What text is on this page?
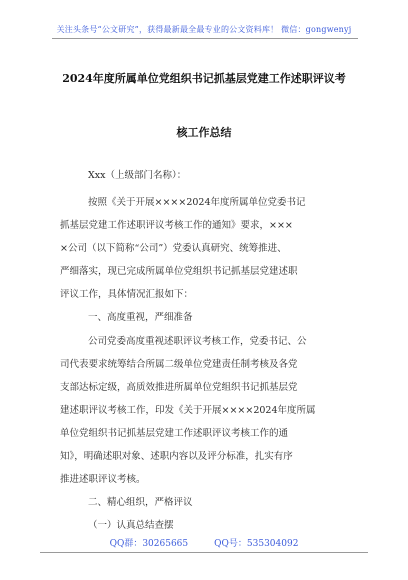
关注头条号“公文研究”，获得最新最全最专业的公文资料库！ 微信：gongwenyj
2024年度所属单位党组织书记抓基层党建工作述职评议考
核工作总结
Xxx（上级部门名称）：
按照《关于开展××××2024年度所属单位党委书记
抓基层党建工作述职评议考核工作的通知》要求，×××
×公司（以下简称“公司”）党委认真研究、统筹推进、
严细落实，现已完成所属单位党组织书记抓基层党建述职
评议工作，具体情况汇报如下：
一、高度重视，严细准备
公司党委高度重视述职评议考核工作，党委书记、公
司代表要求统筹结合所属二级单位党建责任制考核及各党
支部达标定级，高质效推进所属单位党组织书记抓基层党
建述职评议考核工作，印发《关于开展××××2024年度所属
单位党组织书记抓基层党建工作述职评议考核工作的通
知》，明确述职对象、述职内容以及评分标准，扎实有序
推进述职评议考核。
二、精心组织，严格评议
（一）认真总结查摆
QQ群：30265665	QQ号：535304092
